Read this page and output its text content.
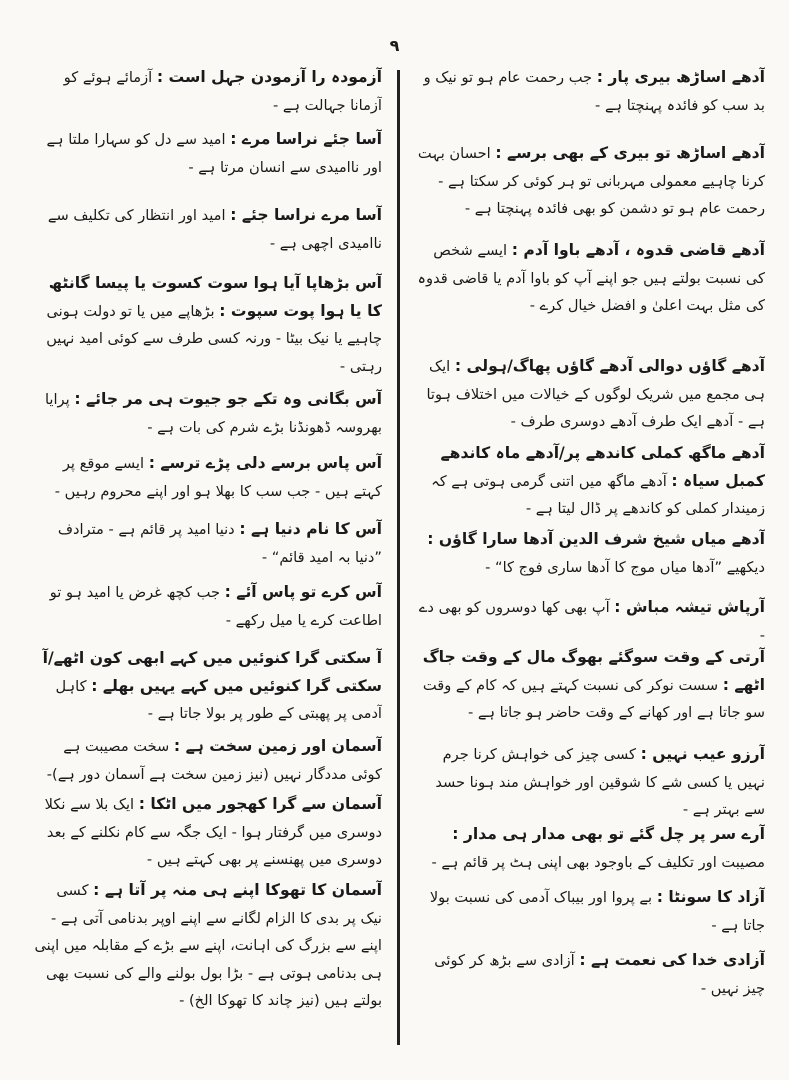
۹
آدھے اساڑھ بیری پار : جب رحمت عام ہو تو نیک و بد سب کو فائدہ پہنچتا ہے -
آدھے اساڑھ تو بیری کے بھی برسے : احسان بہت کرنا چاہیے معمولی مہربانی تو ہر کوئی کر سکتا ہے - رحمت عام ہو تو دشمن کو بھی فائدہ پہنچتا ہے -
آدھے قاضی قدوہ ، آدھے باوا آدم : ایسے شخص کی نسبت بولتے ہیں جو اپنے آپ کو باوا آدم یا قاضی قدوہ کی مثل بہت اعلیٰ و افضل خیال کرے -
آدھے گاؤں دوالی آدھے گاؤں پھاگ/ہولی : ایک ہی مجمع میں شریک لوگوں کے خیالات میں اختلاف ہوتا ہے - آدھے ایک طرف آدھے دوسری طرف -
آدھے ماگھ کملی کاندھے پر/آدھے ماہ کاندھے کمبل سیاہ : آدھے ماگھ میں اتنی گرمی ہوتی ہے کہ زمیندار کملی کو کاندھے پر ڈال لیتا ہے -
آدھے میاں شیخ شرف الدین آدھا سارا گاؤں : دیکھیے ”آدھا میاں موج کا آدھا ساری فوج کا“ -
آرپاش تیشہ مباش : آپ بھی کھا دوسروں کو بھی دے -
آرتی کے وقت سوگئے بھوگ مال کے وقت جاگ اٹھے : سست نوکر کی نسبت کہتے ہیں کہ کام کے وقت سو جاتا ہے اور کھانے کے وقت حاضر ہو جاتا ہے -
آرزو عیب نہیں : کسی چیز کی خواہش کرنا جرم نہیں یا کسی شے کا شوقین اور خواہش مند ہونا حسد سے بہتر ہے -
آرے سر پر چل گئے تو بھی مدار ہی مدار : مصیبت اور تکلیف کے باوجود بھی اپنی ہٹ پر قائم ہے -
آزاد کا سونٹا : بے پروا اور بیباک آدمی کی نسبت بولا جاتا ہے -
آزادی خدا کی نعمت ہے : آزادی سے بڑھ کر کوئی چیز نہیں -
آزمودہ را آزمودن جہل است : آزمائے ہوئے کو آزمانا جہالت ہے -
آسا جئے نراسا مرے : امید سے دل کو سہارا ملتا ہے اور ناامیدی سے انسان مرتا ہے -
آسا مرے نراسا جئے : امید اور انتظار کی تکلیف سے ناامیدی اچھی ہے -
آس بڑھاپا آیا ہوا سوت کسوت یا پیسا گانٹھ کا یا ہوا پوت سپوت : بڑھاپے میں یا تو دولت ہونی چاہیے یا نیک بیٹا - ورنہ کسی طرف سے کوئی امید نہیں رہتی -
آس بگانی وہ تکے جو جیوت ہی مر جائے : پرایا بھروسہ ڈھونڈنا بڑے شرم کی بات ہے -
آس پاس برسے دلی پڑے ترسے : ایسے موقع پر کہتے ہیں - جب سب کا بھلا ہو اور اپنے محروم رہیں -
آس کا نام دنیا ہے : دنیا امید پر قائم ہے - مترادف ”دنیا بہ امید قائم“ -
آس کرے تو پاس آئے : جب کچھ غرض یا امید ہو تو اطاعت کرے یا میل رکھے -
آ سکتی گرا کنوئیں میں کہے ابھی کون اٹھے/آ سکتی گرا کنوئیں میں کہے یہیں بھلے : کاہل آدمی پر پھبتی کے طور پر بولا جاتا ہے -
آسمان اور زمین سخت ہے : سخت مصیبت ہے کوئی مددگار نہیں (نیز زمین سخت ہے آسمان دور ہے)-
آسمان سے گرا کھجور میں اٹکا : ایک بلا سے نکلا دوسری میں گرفتار ہوا - ایک جگہ سے کام نکلنے کے بعد دوسری میں پھنسنے پر بھی کہتے ہیں -
آسمان کا تھوکا اپنے ہی منہ پر آتا ہے : کسی نیک پر بدی کا الزام لگانے سے اپنے اوپر بدنامی آتی ہے - اپنے سے بزرگ کی اہانت، اپنے سے بڑے کے مقابلہ میں اپنی ہی بدنامی ہوتی ہے - بڑا بول بولنے والے کی نسبت بھی بولتے ہیں (نیز چاند کا تھوکا الخ) -
